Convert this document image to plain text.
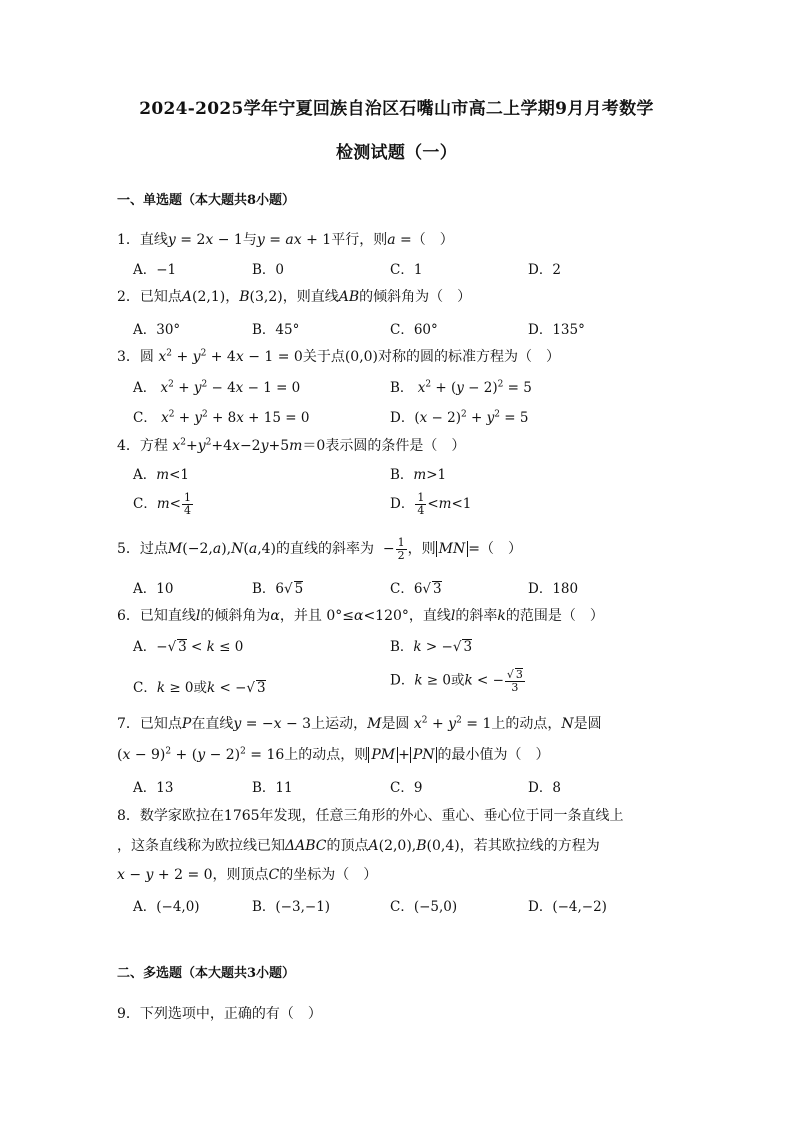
2024-2025学年宁夏回族自治区石嘴山市高二上学期9月月考数学
检测试题（一）
一、单选题（本大题共8小题）
1．直线y = 2x − 1与y = ax + 1平行，则a =（　）
A．−1	B．0	C．1	D．2
2．已知点A(2,1)，B(3,2)，则直线AB的倾斜角为（　）
A．30°	B．45°	C．60°	D．135°
3．圆 $x^2 + y^2 + 4x - 1 = 0$关于点(0,0)对称的圆的标准方程为（　）
A． $x^2 + y^2 - 4x - 1 = 0$	B． $x^2 + (y - 2)^2 = 5$
C． $x^2 + y^2 + 8x + 15 = 0$	D．$(x - 2)^2 + y^2 = 5$
4．方程 $x^2+y^2+4x-2y+5m=0$表示圆的条件是（　）
A．m<1	B．m>1
C．$m< \frac{1}{4}$	D． $\frac{1}{4} <m<1$
5．过点M(−2,a),N(a,4)的直线的斜率为  − $\frac{1}{2}$ ，则 MN =（　）
A．10	B．6√ 5	C．6√ 3	D．180
6．已知直线l的倾斜角为α，并且 0°≤α<120°，直线l的斜率k的范围是（　）
A．−√ 3 < k ≤ 0	B．k > −√ 3
C．k ≥ 0或k < −√ 3	D．k ≥ 0或k < − $\frac{√ 3}{3}$
7．已知点P在直线y = −x − 3上运动，M是圆 $x^2 + y^2 = 1$上的动点，N是圆
$(x - 9)^2 + (y - 2)^2 = 16$上的动点，则 PM + PN 的最小值为（　）
A．13	B．11	C．9	D．8
8．数学家欧拉在1765年发现，任意三角形的外心、重心、垂心位于同一条直线上
，这条直线称为欧拉线已知ΔABC的顶点A(2,0),B(0,4)，若其欧拉线的方程为
x − y + 2 = 0，则顶点C的坐标为（　）
A．(−4,0)	B．(−3,−1)	C．(−5,0)	D．(−4,−2)
二、多选题（本大题共3小题）
9．下列选项中，正确的有（　）
